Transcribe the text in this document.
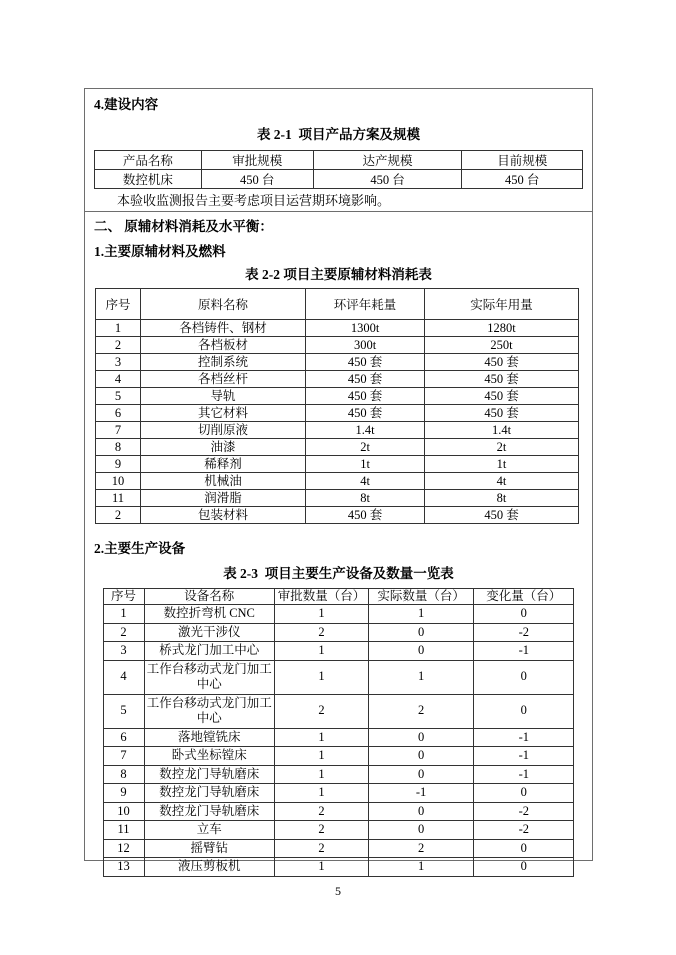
4.建设内容
表 2-1  项目产品方案及规模
产品名称	审批规模	达产规模	目前规模
数控机床	450 台	450 台	450 台
本验收监测报告主要考虑项目运营期环境影响。
二、 原辅材料消耗及水平衡：
1.主要原辅材料及燃料
表 2-2 项目主要原辅材料消耗表
序号	原料名称	环评年耗量	实际年用量
1	各档铸件、钢材	1300t	1280t
2	各档板材	300t	250t
3	控制系统	450 套	450 套
4	各档丝杆	450 套	450 套
5	导轨	450 套	450 套
6	其它材料	450 套	450 套
7	切削原液	1.4t	1.4t
8	油漆	2t	2t
9	稀释剂	1t	1t
10	机械油	4t	4t
11	润滑脂	8t	8t
2	包装材料	450 套	450 套
2.主要生产设备
表 2-3  项目主要生产设备及数量一览表
序号	设备名称	审批数量（台）	实际数量（台）	变化量（台）
1	数控折弯机 CNC	1	1	0
2	激光干涉仪	2	0	-2
3	桥式龙门加工中心	1	0	-1
4	工作台移动式龙门加工中心	1	1	0
5	工作台移动式龙门加工中心	2	2	0
6	落地镗铣床	1	0	-1
7	卧式坐标镗床	1	0	-1
8	数控龙门导轨磨床	1	0	-1
9	数控龙门导轨磨床	1	-1	0
10	数控龙门导轨磨床	2	0	-2
11	立车	2	0	-2
12	摇臂钻	2	2	0
13	液压剪板机	1	1	0
5
